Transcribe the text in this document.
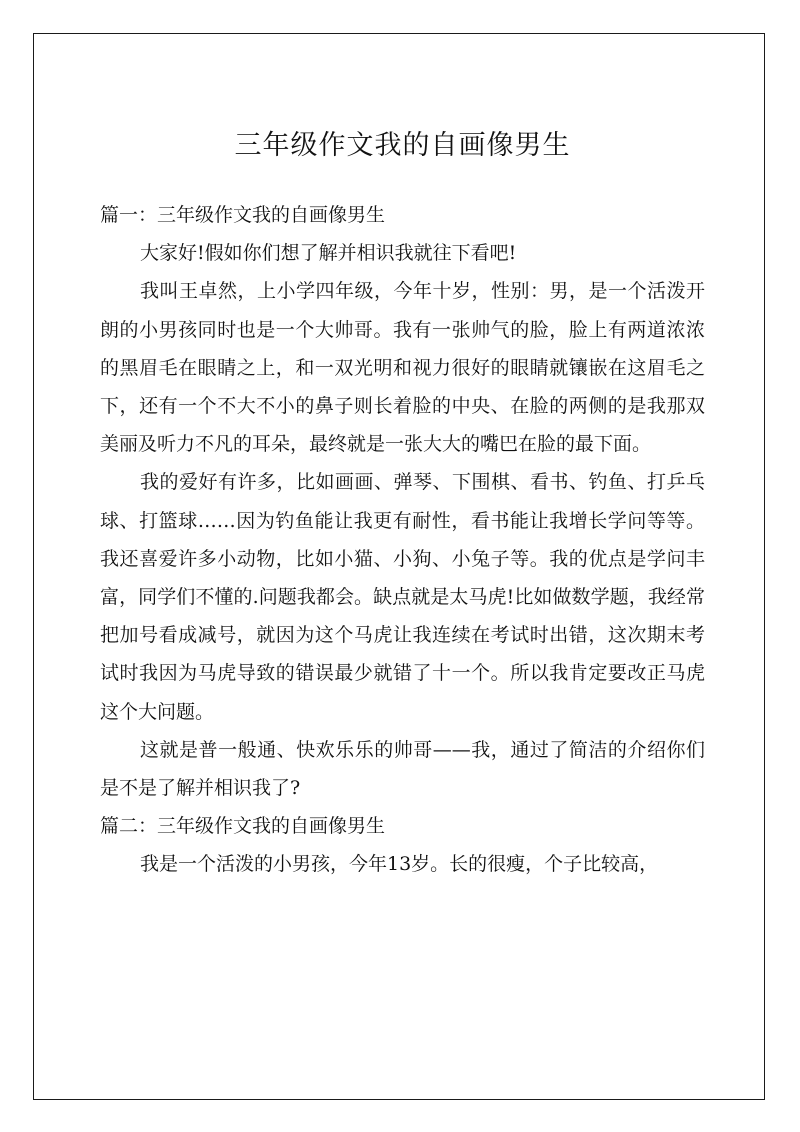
三年级作文我的自画像男生

篇一：三年级作文我的自画像男生

大家好!假如你们想了解并相识我就往下看吧!

我叫王卓然，上小学四年级，今年十岁，性别：男，是一个活泼开朗的小男孩同时也是一个大帅哥。我有一张帅气的脸，脸上有两道浓浓的黑眉毛在眼睛之上，和一双光明和视力很好的眼睛就镶嵌在这眉毛之下，还有一个不大不小的鼻子则长着脸的中央、在脸的两侧的是我那双美丽及听力不凡的耳朵，最终就是一张大大的嘴巴在脸的最下面。

我的爱好有许多，比如画画、弹琴、下围棋、看书、钓鱼、打乒乓球、打篮球……因为钓鱼能让我更有耐性，看书能让我增长学问等等。我还喜爱许多小动物，比如小猫、小狗、小兔子等。我的优点是学问丰富，同学们不懂的.问题我都会。缺点就是太马虎!比如做数学题，我经常把加号看成减号，就因为这个马虎让我连续在考试时出错，这次期末考试时我因为马虎导致的错误最少就错了十一个。所以我肯定要改正马虎这个大问题。

这就是普一般通、快欢乐乐的帅哥——我，通过了简洁的介绍你们是不是了解并相识我了?

篇二：三年级作文我的自画像男生

我是一个活泼的小男孩，今年13岁。长的很瘦，个子比较高，
